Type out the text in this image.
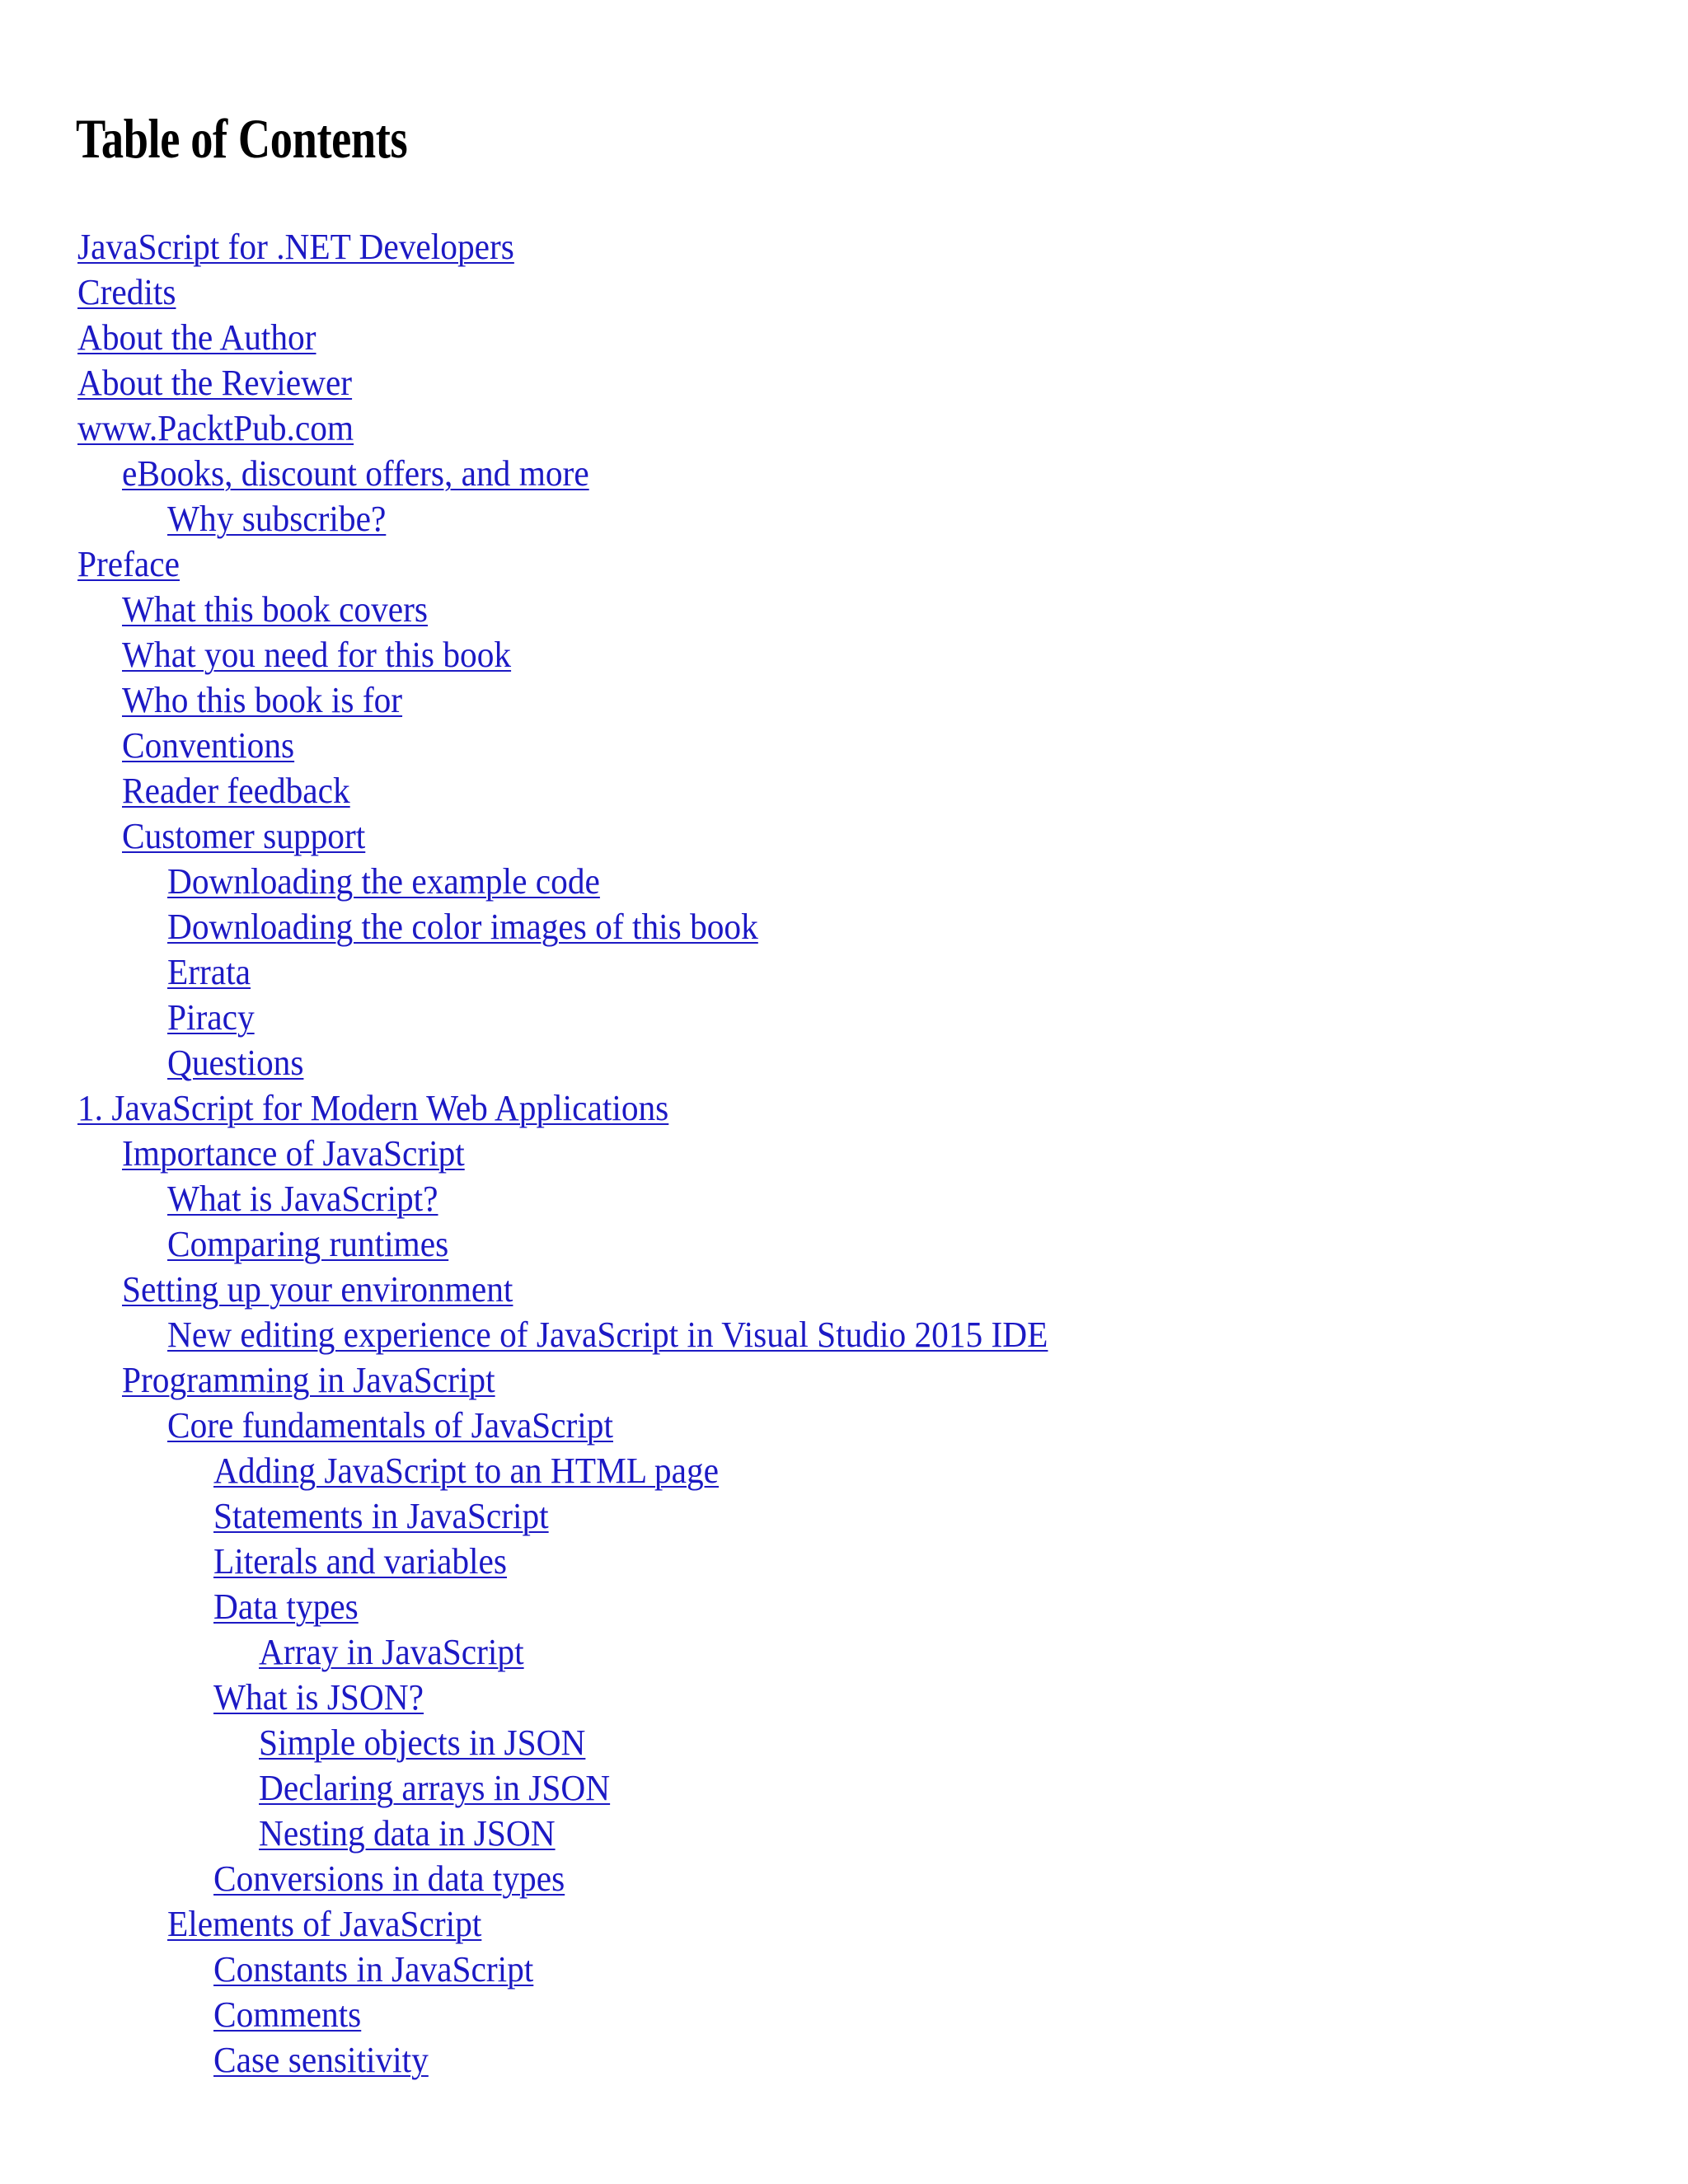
Table of Contents
JavaScript for .NET Developers
Credits
About the Author
About the Reviewer
www.PacktPub.com
eBooks, discount offers, and more
Why subscribe?
Preface
What this book covers
What you need for this book
Who this book is for
Conventions
Reader feedback
Customer support
Downloading the example code
Downloading the color images of this book
Errata
Piracy
Questions
1. JavaScript for Modern Web Applications
Importance of JavaScript
What is JavaScript?
Comparing runtimes
Setting up your environment
New editing experience of JavaScript in Visual Studio 2015 IDE
Programming in JavaScript
Core fundamentals of JavaScript
Adding JavaScript to an HTML page
Statements in JavaScript
Literals and variables
Data types
Array in JavaScript
What is JSON?
Simple objects in JSON
Declaring arrays in JSON
Nesting data in JSON
Conversions in data types
Elements of JavaScript
Constants in JavaScript
Comments
Case sensitivity
